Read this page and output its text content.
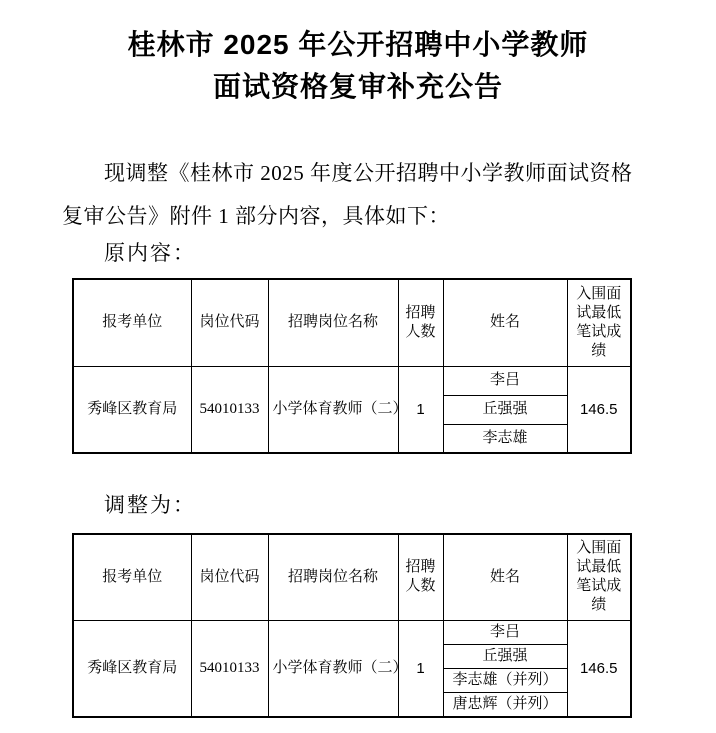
桂林市 2025 年公开招聘中小学教师
面试资格复审补充公告
现调整《桂林市 2025 年度公开招聘中小学教师面试资格
复审公告》附件 1 部分内容，具体如下：
原内容：
报考单位	岗位代码	招聘岗位名称	招聘人数	姓名	入围面试最低笔试成绩
秀峰区教育局	54010133	小学体育教师（二）	1	李吕	146.5
				丘强强	
				李志雄	
调整为：
报考单位	岗位代码	招聘岗位名称	招聘人数	姓名	入围面试最低笔试成绩
秀峰区教育局	54010133	小学体育教师（二）	1	李吕	146.5
				丘强强	
				李志雄（并列）	
				唐忠辉（并列）	
